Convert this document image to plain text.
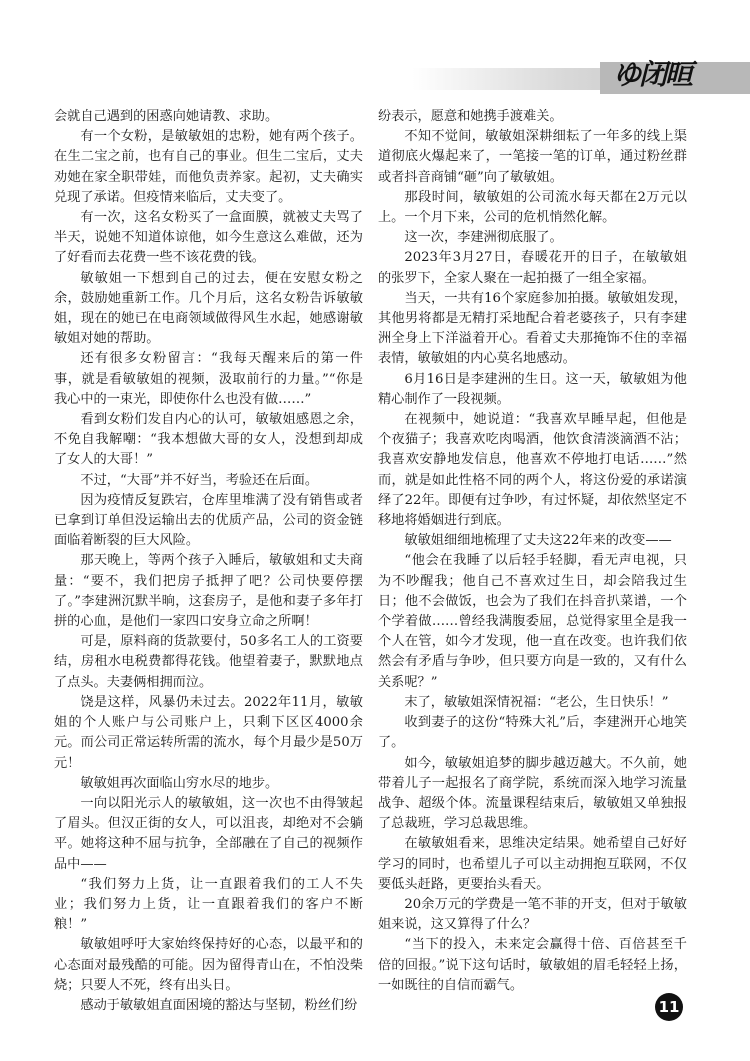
ゆ闭晅

会就自己遇到的困惑向她请教、求助。

有一个女粉，是敏敏姐的忠粉，她有两个孩子。在生二宝之前，也有自己的事业。但生二宝后，丈夫劝她在家全职带娃，而他负责养家。起初，丈夫确实兑现了承诺。但疫情来临后，丈夫变了。

有一次，这名女粉买了一盒面膜，就被丈夫骂了半天，说她不知道体谅他，如今生意这么难做，还为了好看而去花费一些不该花费的钱。

敏敏姐一下想到自己的过去，便在安慰女粉之余，鼓励她重新工作。几个月后，这名女粉告诉敏敏姐，现在的她已在电商领域做得风生水起，她感谢敏敏姐对她的帮助。

还有很多女粉留言：“我每天醒来后的第一件事，就是看敏敏姐的视频，汲取前行的力量。”“你是我心中的一束光，即使你什么也没有做……”

看到女粉们发自内心的认可，敏敏姐感恩之余，不免自我解嘲：“我本想做大哥的女人，没想到却成了女人的大哥！”

不过，“大哥”并不好当，考验还在后面。

因为疫情反复跌宕，仓库里堆满了没有销售或者已拿到订单但没运输出去的优质产品，公司的资金链面临着断裂的巨大风险。

那天晚上，等两个孩子入睡后，敏敏姐和丈夫商量：“要不，我们把房子抵押了吧？公司快要停摆了。”李建洲沉默半晌，这套房子，是他和妻子多年打拼的心血，是他们一家四口安身立命之所啊！

可是，原料商的货款要付，50多名工人的工资要结，房租水电税费都得花钱。他望着妻子，默默地点了点头。夫妻俩相拥而泣。

饶是这样，风暴仍未过去。2022年11月，敏敏姐的个人账户与公司账户上，只剩下区区4000余元。而公司正常运转所需的流水，每个月最少是50万元！

敏敏姐再次面临山穷水尽的地步。

一向以阳光示人的敏敏姐，这一次也不由得皱起了眉头。但汉正街的女人，可以沮丧，却绝对不会躺平。她将这种不屈与抗争，全部融在了自己的视频作品中——

“我们努力上货，让一直跟着我们的工人不失业；我们努力上货，让一直跟着我们的客户不断粮！”

敏敏姐呼吁大家始终保持好的心态，以最平和的心态面对最残酷的可能。因为留得青山在，不怕没柴烧；只要人不死，终有出头日。

感动于敏敏姐直面困境的豁达与坚韧，粉丝们纷

纷表示，愿意和她携手渡难关。

不知不觉间，敏敏姐深耕细耘了一年多的线上渠道彻底火爆起来了，一笔接一笔的订单，通过粉丝群或者抖音商铺“砸”向了敏敏姐。

那段时间，敏敏姐的公司流水每天都在2万元以上。一个月下来，公司的危机悄然化解。

这一次，李建洲彻底服了。

2023年3月27日，春暖花开的日子，在敏敏姐的张罗下，全家人聚在一起拍摄了一组全家福。

当天，一共有16个家庭参加拍摄。敏敏姐发现，其他男将都是无精打采地配合着老婆孩子，只有李建洲全身上下洋溢着开心。看着丈夫那掩饰不住的幸福表情，敏敏姐的内心莫名地感动。

6月16日是李建洲的生日。这一天，敏敏姐为他精心制作了一段视频。

在视频中，她说道：“我喜欢早睡早起，但他是个夜猫子；我喜欢吃肉喝酒，他饮食清淡滴酒不沾；我喜欢安静地发信息，他喜欢不停地打电话……”然而，就是如此性格不同的两个人，将这份爱的承诺演绎了22年。即便有过争吵，有过怀疑，却依然坚定不移地将婚姻进行到底。

敏敏姐细细地梳理了丈夫这22年来的改变——

“他会在我睡了以后轻手轻脚，看无声电视，只为不吵醒我；他自己不喜欢过生日，却会陪我过生日；他不会做饭，也会为了我们在抖音扒菜谱，一个个学着做……曾经我满腹委屈，总觉得家里全是我一个人在管，如今才发现，他一直在改变。也许我们依然会有矛盾与争吵，但只要方向是一致的，又有什么关系呢？”

末了，敏敏姐深情祝福：“老公，生日快乐！”

收到妻子的这份“特殊大礼”后，李建洲开心地笑了。

如今，敏敏姐追梦的脚步越迈越大。不久前，她带着儿子一起报名了商学院，系统而深入地学习流量战争、超级个体。流量课程结束后，敏敏姐又单独报了总裁班，学习总裁思维。

在敏敏姐看来，思维决定结果。她希望自己好好学习的同时，也希望儿子可以主动拥抱互联网，不仅要低头赶路，更要抬头看天。

20余万元的学费是一笔不菲的开支，但对于敏敏姐来说，这又算得了什么？

“当下的投入，未来定会赢得十倍、百倍甚至千倍的回报。”说下这句话时，敏敏姐的眉毛轻轻上扬，一如既往的自信而霸气。

11
